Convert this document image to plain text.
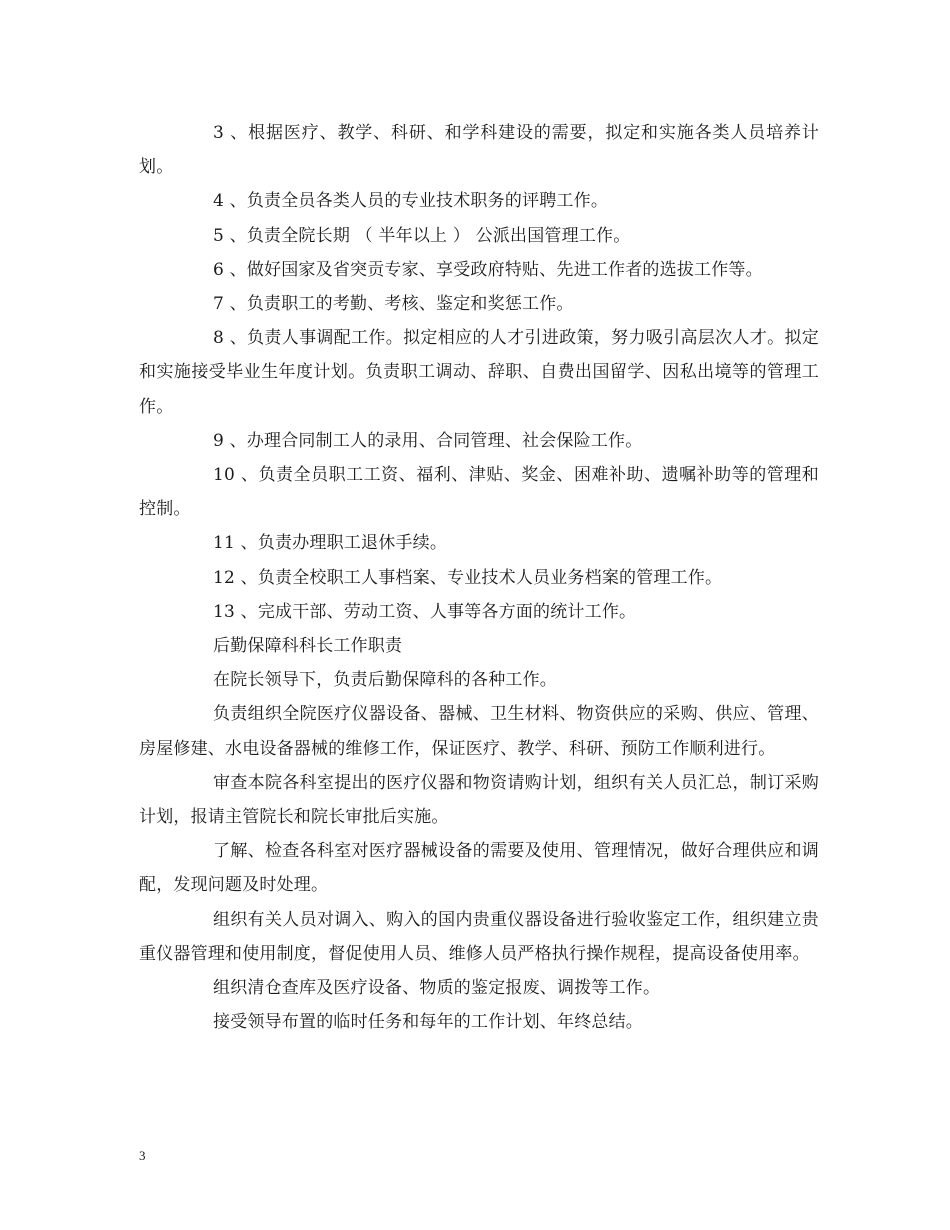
3 、根据医疗、教学、科研、和学科建设的需要，拟定和实施各类人员培养计划。

4 、负责全员各类人员的专业技术职务的评聘工作。

5 、负责全院长期 （ 半年以上 ） 公派出国管理工作。

6 、做好国家及省突贡专家、享受政府特贴、先进工作者的选拔工作等。

7 、负责职工的考勤、考核、鉴定和奖惩工作。

8 、负责人事调配工作。拟定相应的人才引进政策，努力吸引高层次人才。拟定和实施接受毕业生年度计划。负责职工调动、辞职、自费出国留学、因私出境等的管理工作。

9 、办理合同制工人的录用、合同管理、社会保险工作。

10 、负责全员职工工资、福利、津贴、奖金、困难补助、遗嘱补助等的管理和控制。

11 、负责办理职工退休手续。

12 、负责全校职工人事档案、专业技术人员业务档案的管理工作。

13 、完成干部、劳动工资、人事等各方面的统计工作。

后勤保障科科长工作职责

在院长领导下，负责后勤保障科的各种工作。

负责组织全院医疗仪器设备、器械、卫生材料、物资供应的采购、供应、管理、房屋修建、水电设备器械的维修工作，保证医疗、教学、科研、预防工作顺利进行。

审查本院各科室提出的医疗仪器和物资请购计划，组织有关人员汇总，制订采购计划，报请主管院长和院长审批后实施。

了解、检查各科室对医疗器械设备的需要及使用、管理情况，做好合理供应和调配，发现问题及时处理。

组织有关人员对调入、购入的国内贵重仪器设备进行验收鉴定工作，组织建立贵重仪器管理和使用制度，督促使用人员、维修人员严格执行操作规程，提高设备使用率。

组织清仓查库及医疗设备、物质的鉴定报废、调拨等工作。

接受领导布置的临时任务和每年的工作计划、年终总结。

3
